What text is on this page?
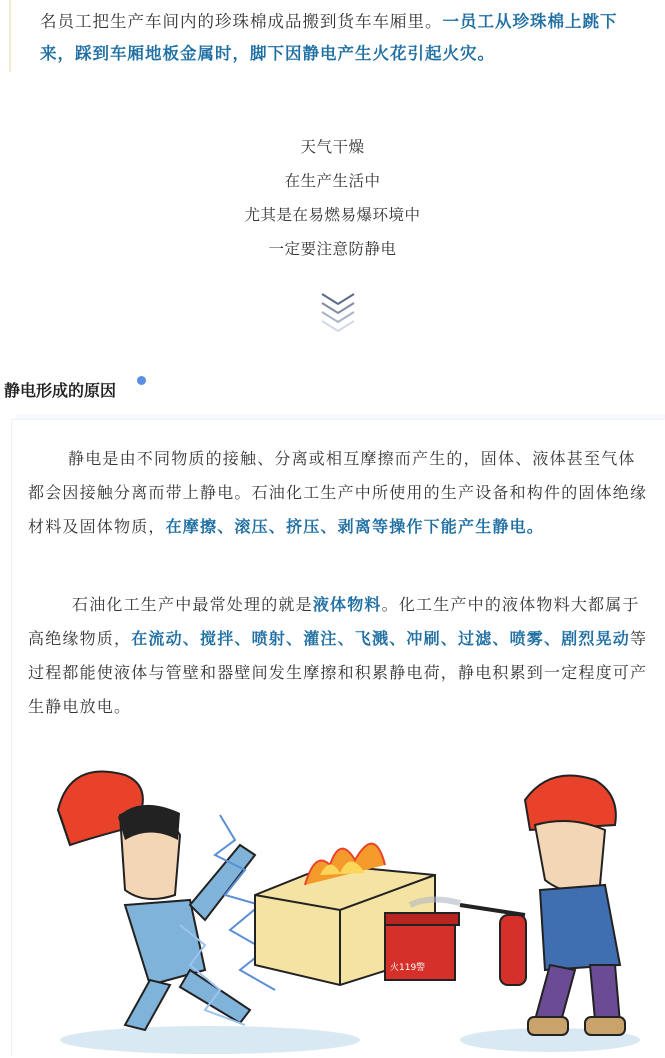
名员工把生产车间内的珍珠棉成品搬到货车车厢里。一员工从珍珠棉上跳下来，踩到车厢地板金属时，脚下因静电产生火花引起火灾。

天气干燥
在生产生活中
尤其是在易燃易爆环境中
一定要注意防静电
静电形成的原因

静电是由不同物质的接触、分离或相互摩擦而产生的，固体、液体甚至气体都会因接触分离而带上静电。石油化工生产中所使用的生产设备和构件的固体绝缘材料及固体物质，在摩擦、滚压、挤压、剥离等操作下能产生静电。

石油化工生产中最常处理的就是液体物料。化工生产中的液体物料大都属于高绝缘物质，在流动、搅拌、喷射、灌注、飞溅、冲刷、过滤、喷雾、剧烈晃动等过程都能使液体与管壁和器壁间发生摩擦和积累静电荷，静电积累到一定程度可产生静电放电。

火119警
